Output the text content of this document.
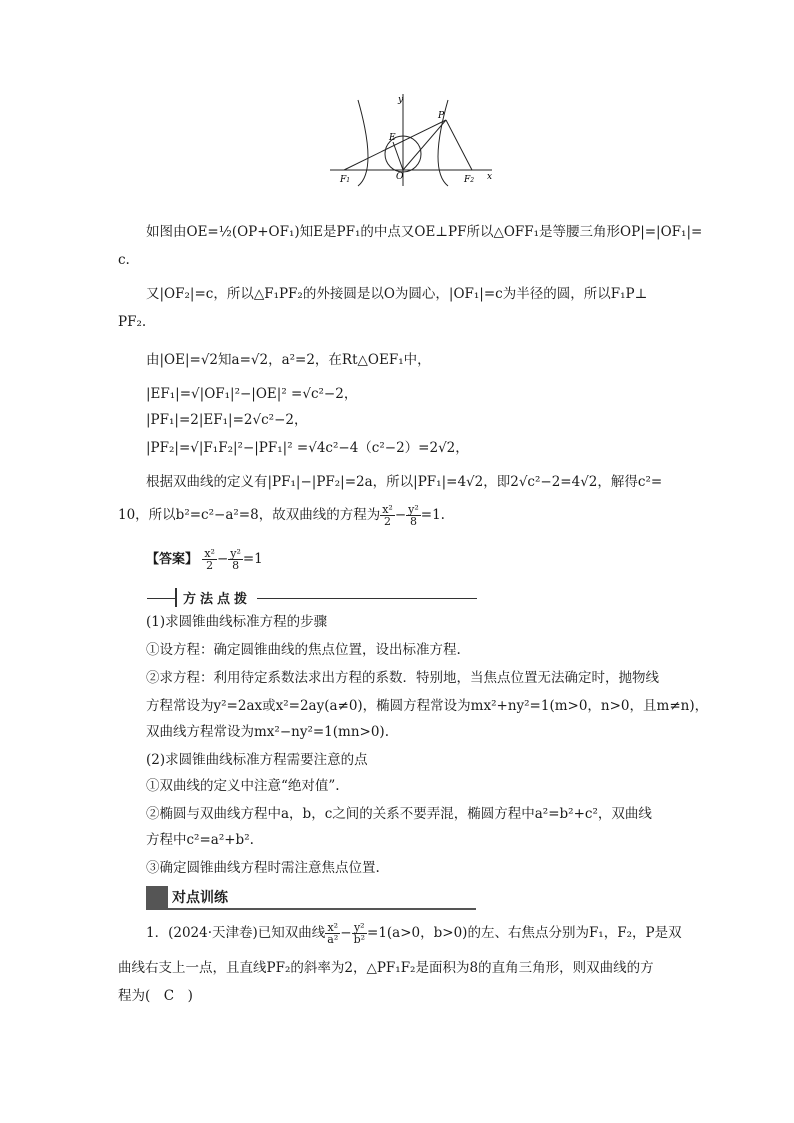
y
x
P
E
O
F1	F2
如图由OE=½(OP+OF₁)知E是PF₁的中点又OE⊥PF所以△OFF₁是等腰三角形OP|=|OF₁|=
c.
又|OF₂|=c，所以△F₁PF₂的外接圆是以O为圆心，|OF₁|=c为半径的圆，所以F₁P⊥
PF₂.
由|OE|=√2知a=√2，a²=2，在Rt△OEF₁中，
|EF₁|=√|OF₁|²−|OE|² =√c²−2，
|PF₁|=2|EF₁|=2√c²−2，
|PF₂|=√|F₁F₂|²−|PF₁|² =√4c²−4（c²−2）=2√2，
根据双曲线的定义有|PF₁|−|PF₂|=2a，所以|PF₁|=4√2，即2√c²−2=4√2，解得c²=
10，所以b²=c²−a²=8，故双曲线的方程为 $\frac{\text{x²}}{2} - \frac{\text{y²}}{8} =1$.
【答案】 $\frac{\text{x²}}{2} - \frac{\text{y²}}{8} =1$
方法点拨
(1)求圆锥曲线标准方程的步骤
①设方程：确定圆锥曲线的焦点位置，设出标准方程.
②求方程：利用待定系数法求出方程的系数．特别地，当焦点位置无法确定时，抛物线
方程常设为y²=2ax或x²=2ay(a≠0)，椭圆方程常设为mx²+ny²=1(m>0，n>0，且m≠n)，
双曲线方程常设为mx²−ny²=1(mn>0).
(2)求圆锥曲线标准方程需要注意的点
①双曲线的定义中注意“绝对值”.
②椭圆与双曲线方程中a，b，c之间的关系不要弄混，椭圆方程中a²=b²+c²，双曲线
方程中c²=a²+b².
③确定圆锥曲线方程时需注意焦点位置.
对点训练
1．(2024·天津卷)已知双曲线 $\frac{\text{x²}}{\text{a²}} - \frac{\text{y²}}{\text{b²}} =1(a>0$，b>0)的左、右焦点分别为F₁，F₂，P是双
曲线右支上一点，且直线PF₂的斜率为2，△PF₁F₂是面积为8的直角三角形，则双曲线的方
程为(　C　)
